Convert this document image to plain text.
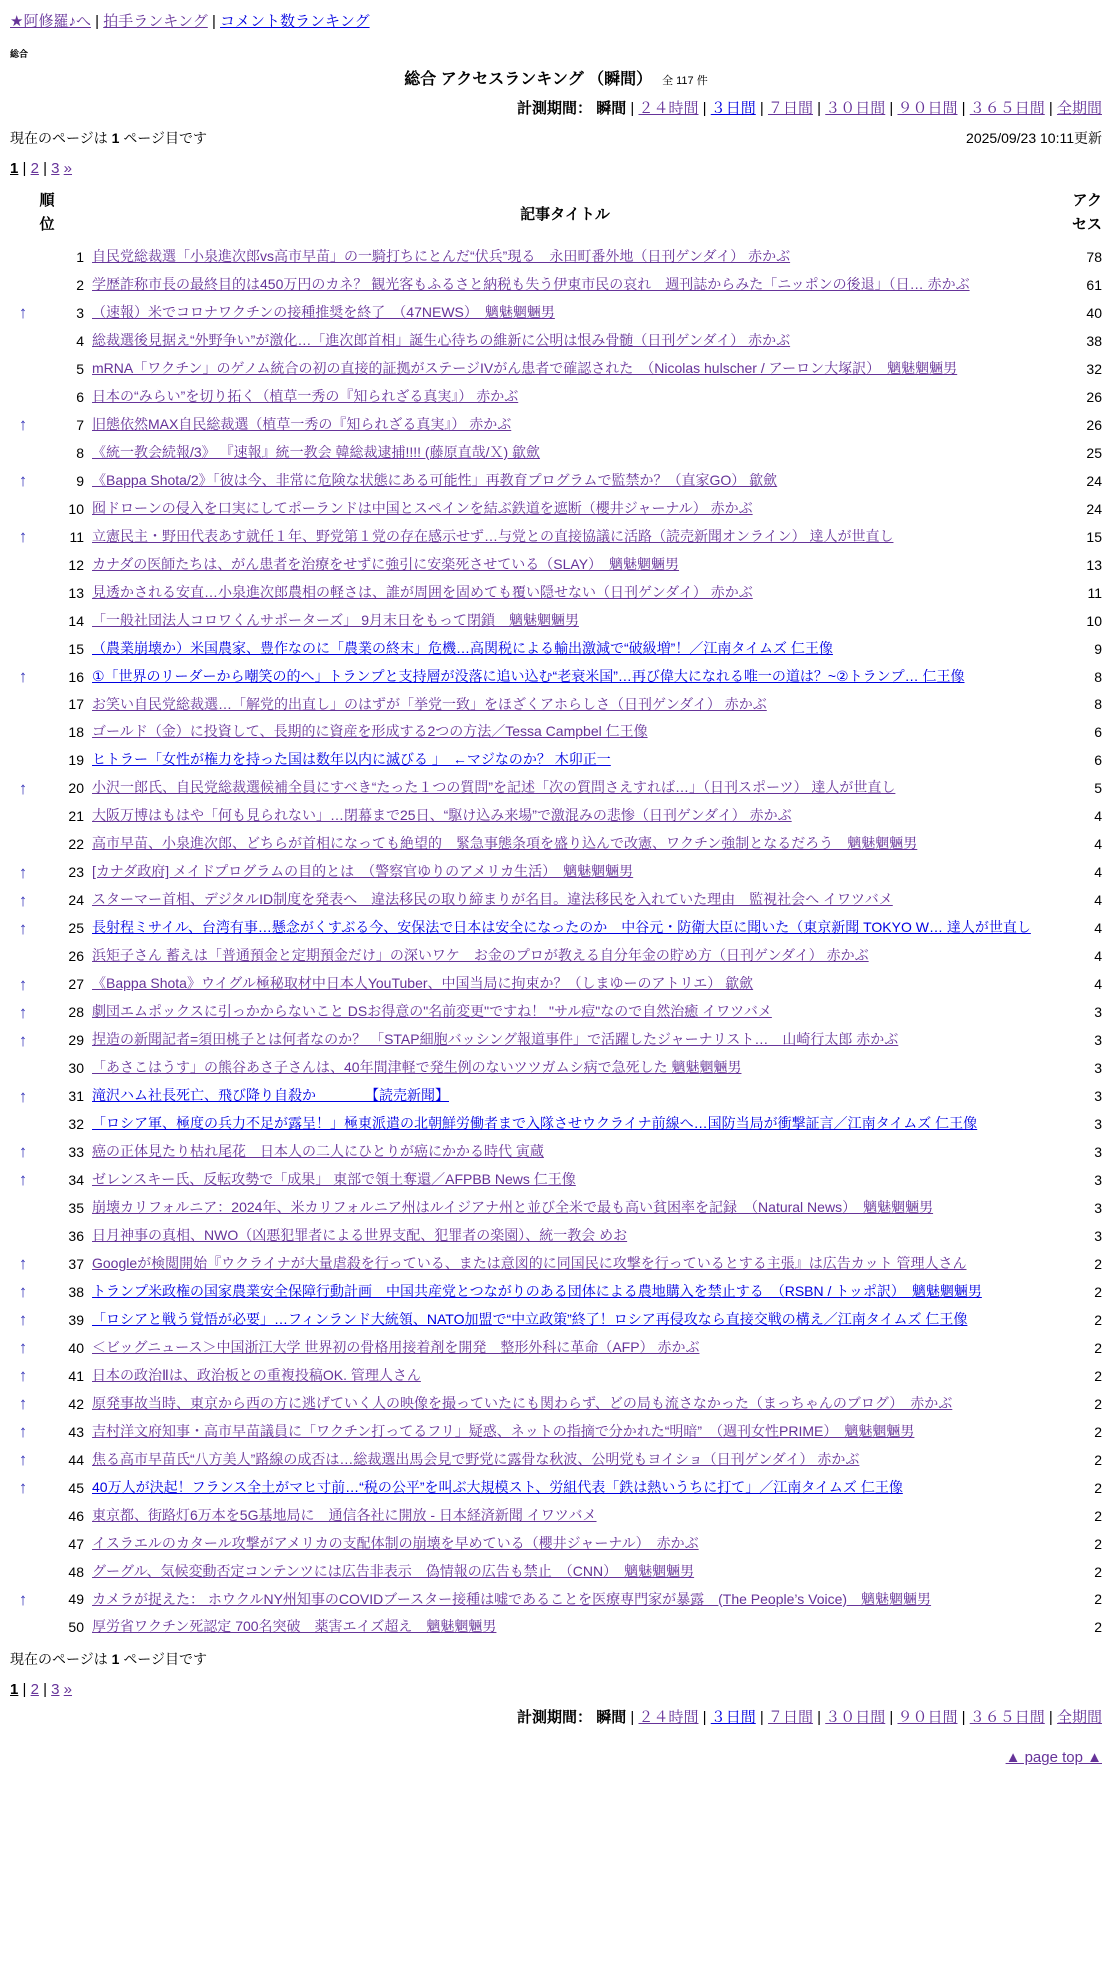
★阿修羅♪へ | 拍手ランキング | コメント数ランキング
総合
総合 アクセスランキング （瞬間） 全 117 件
計測期間： 瞬間 | ２４時間 | ３日間 | ７日間 | ３０日間 | ９０日間 | ３６５日間 | 全期間
現在のページは 1 ページ目です	2025/09/23 10:11更新
1 | 2 | 3 »
順
位
記事タイトル
アク
セス
1 自民党総裁選「小泉進次郎vs高市早苗」の一騎打ちにとんだ“伏兵”現る　永田町番外地（日刊ゲンダイ） 赤かぶ	78
2 学歴詐称市長の最終目的は450万円のカネ？ 観光客もふるさと納税も失う伊東市民の哀れ　週刊誌からみた「ニッポンの後退」（日… 赤かぶ	61
↑	3 （速報）米でコロナワクチンの接種推奨を終了　（47NEWS）　魑魅魍魎男	40
4 総裁選後見据え“外野争い”が激化…「進次郎首相」誕生心待ちの維新に公明は恨み骨髄（日刊ゲンダイ） 赤かぶ	38
5 mRNA「ワクチン」のゲノム統合の初の直接的証拠がステージIVがん患者で確認された　（Nicolas hulscher / アーロン大塚訳）　魑魅魍魎男	32
6 日本の“みらい”を切り拓く（植草一秀の『知られざる真実』） 赤かぶ	26
↑	7 旧態依然MAX自民総裁選（植草一秀の『知られざる真実』） 赤かぶ	26
8 《統一教会続報/3》 『速報』統一教会 韓総裁逮捕!!!! (藤原直哉/Ｘ) 歙歛	25
↑	9 《Bappa Shota/2》「彼は今、非常に危険な状態にある可能性」再教育プログラムで監禁か？（直家GO） 歙歛	24
10 囮ドローンの侵入を口実にしてポーランドは中国とスペインを結ぶ鉄道を遮断（櫻井ジャーナル） 赤かぶ	24
↑	11 立憲民主・野田代表あす就任１年、野党第１党の存在感示せず…与党との直接協議に活路（読売新聞オンライン） 達人が世直し	15
12 カナダの医師たちは、がん患者を治療をせずに強引に安楽死させている（SLAY）　魑魅魍魎男	13
13 見透かされる安直…小泉進次郎農相の軽さは、誰が周囲を固めても覆い隠せない（日刊ゲンダイ） 赤かぶ	11
14 「一般社団法人コロワくんサポーターズ」 9月末日をもって閉鎖　魑魅魍魎男	10
15 （農業崩壊か）米国農家、豊作なのに「農業の終末」危機…高関税による輸出激減で“破級増”！／江南タイムズ 仁王像	9
↑	16 ①「世界のリーダーから嘲笑の的へ」トランプと支持層が没落に追い込む“老衰米国”…再び偉大になれる唯一の道は？~②トランプ… 仁王像	8
17 お笑い自民党総裁選…「解党的出直し」のはずが「挙党一致」をほざくアホらしさ（日刊ゲンダイ） 赤かぶ	8
18 ゴールド（金）に投資して、長期的に資産を形成する2つの方法／Tessa Campbel 仁王像	6
19 ヒトラー「女性が権力を持った国は数年以内に滅びる 」　←マジなのか？ 木卯正一	6
↑	20 小沢一郎氏、自民党総裁選候補全員にすべき“たった１つの質問”を記述「次の質問さえすれば…」（日刊スポーツ） 達人が世直し	5
21 大阪万博はもはや「何も見られない」…閉幕まで25日、“駆け込み来場”で激混みの悲惨（日刊ゲンダイ） 赤かぶ	4
22 高市早苗、小泉進次郎、どちらが首相になっても絶望的　緊急事態条項を盛り込んで改憲、ワクチン強制となるだろう　魑魅魍魎男	4
↑	23 [カナダ政府] メイドプログラムの目的とは　（警察官ゆりのアメリカ生活）　魑魅魍魎男	4
↑	24 スターマー首相、デジタルID制度を発表へ　違法移民の取り締まりが名目。違法移民を入れていた理由　監視社会へ イワツバメ	4
↑	25 長射程ミサイル、台湾有事…懸念がくすぶる今、安保法で日本は安全になったのか　中谷元・防衛大臣に聞いた（東京新聞 TOKYO W… 達人が世直し	4
26 浜矩子さん 蓄えは「普通預金と定期預金だけ」の深いワケ　お金のプロが教える自分年金の貯め方（日刊ゲンダイ） 赤かぶ	4
↑	27 《Bappa Shota》ウイグル極秘取材中日本人YouTuber、中国当局に拘束か？（しまゆーのアトリエ） 歙歛	4
↑	28 劇団エムポックスに引っかからないこと DSお得意の"名前変更"ですね！ "サル痘"なので自然治癒 イワツバメ	3
↑	29 捏造の新聞記者=須田桃子とは何者なのか？ 「STAP細胞バッシング報道事件」で活躍したジャーナリスト…　山崎行太郎 赤かぶ	3
30 「あさこはうす」の熊谷あさ子さんは、40年間津軽で発生例のないツツガムシ病で急死した 魑魅魍魎男	3
↑	31 滝沢ハム社長死亡、飛び降り自殺か　　　　【読売新聞】	3
32 「ロシア軍、極度の兵力不足が露呈！」極東派遣の北朝鮮労働者まで入隊させウクライナ前線へ…国防当局が衝撃証言／江南タイムズ 仁王像	3
↑	33 癌の正体見たり枯れ尾花　日本人の二人にひとりが癌にかかる時代 寅蔵	3
↑	34 ゼレンスキー氏、反転攻勢で「成果」 東部で領土奪還／AFPBB News 仁王像	3
35 崩壊カリフォルニア：2024年、米カリフォルニア州はルイジアナ州と並び全米で最も高い貧困率を記録　（Natural News）　魑魅魍魎男	3
36 日月神事の真相、NWO（凶悪犯罪者による世界支配、犯罪者の楽園）、統一教会 めお	3
↑	37 Googleが検閲開始『ウクライナが大量虐殺を行っている、または意図的に同国民に攻撃を行っているとする主張』は広告カット 管理人さん	2
↑	38 トランプ米政権の国家農業安全保障行動計画　中国共産党とつながりのある団体による農地購入を禁止する　（RSBN / トッポ訳）　魑魅魍魎男	2
↑	39 「ロシアと戦う覚悟が必要」…フィンランド大統領、NATO加盟で“中立政策”終了！ロシア再侵攻なら直接交戦の構え／江南タイムズ 仁王像	2
↑	40 ＜ビッグニュース＞中国浙江大学 世界初の骨格用接着剤を開発　整形外科に革命（AFP） 赤かぶ	2
↑	41 日本の政治Ⅱは、政治板との重複投稿OK. 管理人さん	2
↑	42 原発事故当時、東京から西の方に逃げていく人の映像を撮っていたにも関わらず、どの局も流さなかった（まっちゃんのブログ）　赤かぶ	2
↑	43 吉村洋文府知事・高市早苗議員に「ワクチン打ってるフリ」疑惑、ネットの指摘で分かれた“明暗”　（週刊女性PRIME）　魑魅魍魎男	2
↑	44 焦る高市早苗氏“八方美人”路線の成否は…総裁選出馬会見で野党に露骨な秋波、公明党もヨイショ（日刊ゲンダイ） 赤かぶ	2
↑	45 40万人が決起！フランス全土がマヒ寸前…“税の公平”を叫ぶ大規模スト、労組代表「鉄は熱いうちに打て」／江南タイムズ 仁王像	2
46 東京都、街路灯6万本を5G基地局に　通信各社に開放 - 日本経済新聞 イワツバメ	2
47 イスラエルのカタール攻撃がアメリカの支配体制の崩壊を早めている（櫻井ジャーナル）　赤かぶ	2
48 グーグル、気候変動否定コンテンツには広告非表示　偽情報の広告も禁止　（CNN）　魑魅魍魎男	2
↑	49 カメラが捉えた： ホウクルNY州知事のCOVIDブースター接種は嘘であることを医療専門家が暴露　(The People’s Voice)　魑魅魍魎男	2
50 厚労省ワクチン死認定 700名突破　薬害エイズ超え　魑魅魍魎男	2
現在のページは 1 ページ目です
1 | 2 | 3 »
計測期間： 瞬間 | ２４時間 | ３日間 | ７日間 | ３０日間 | ９０日間 | ３６５日間 | 全期間
▲ page top ▲
